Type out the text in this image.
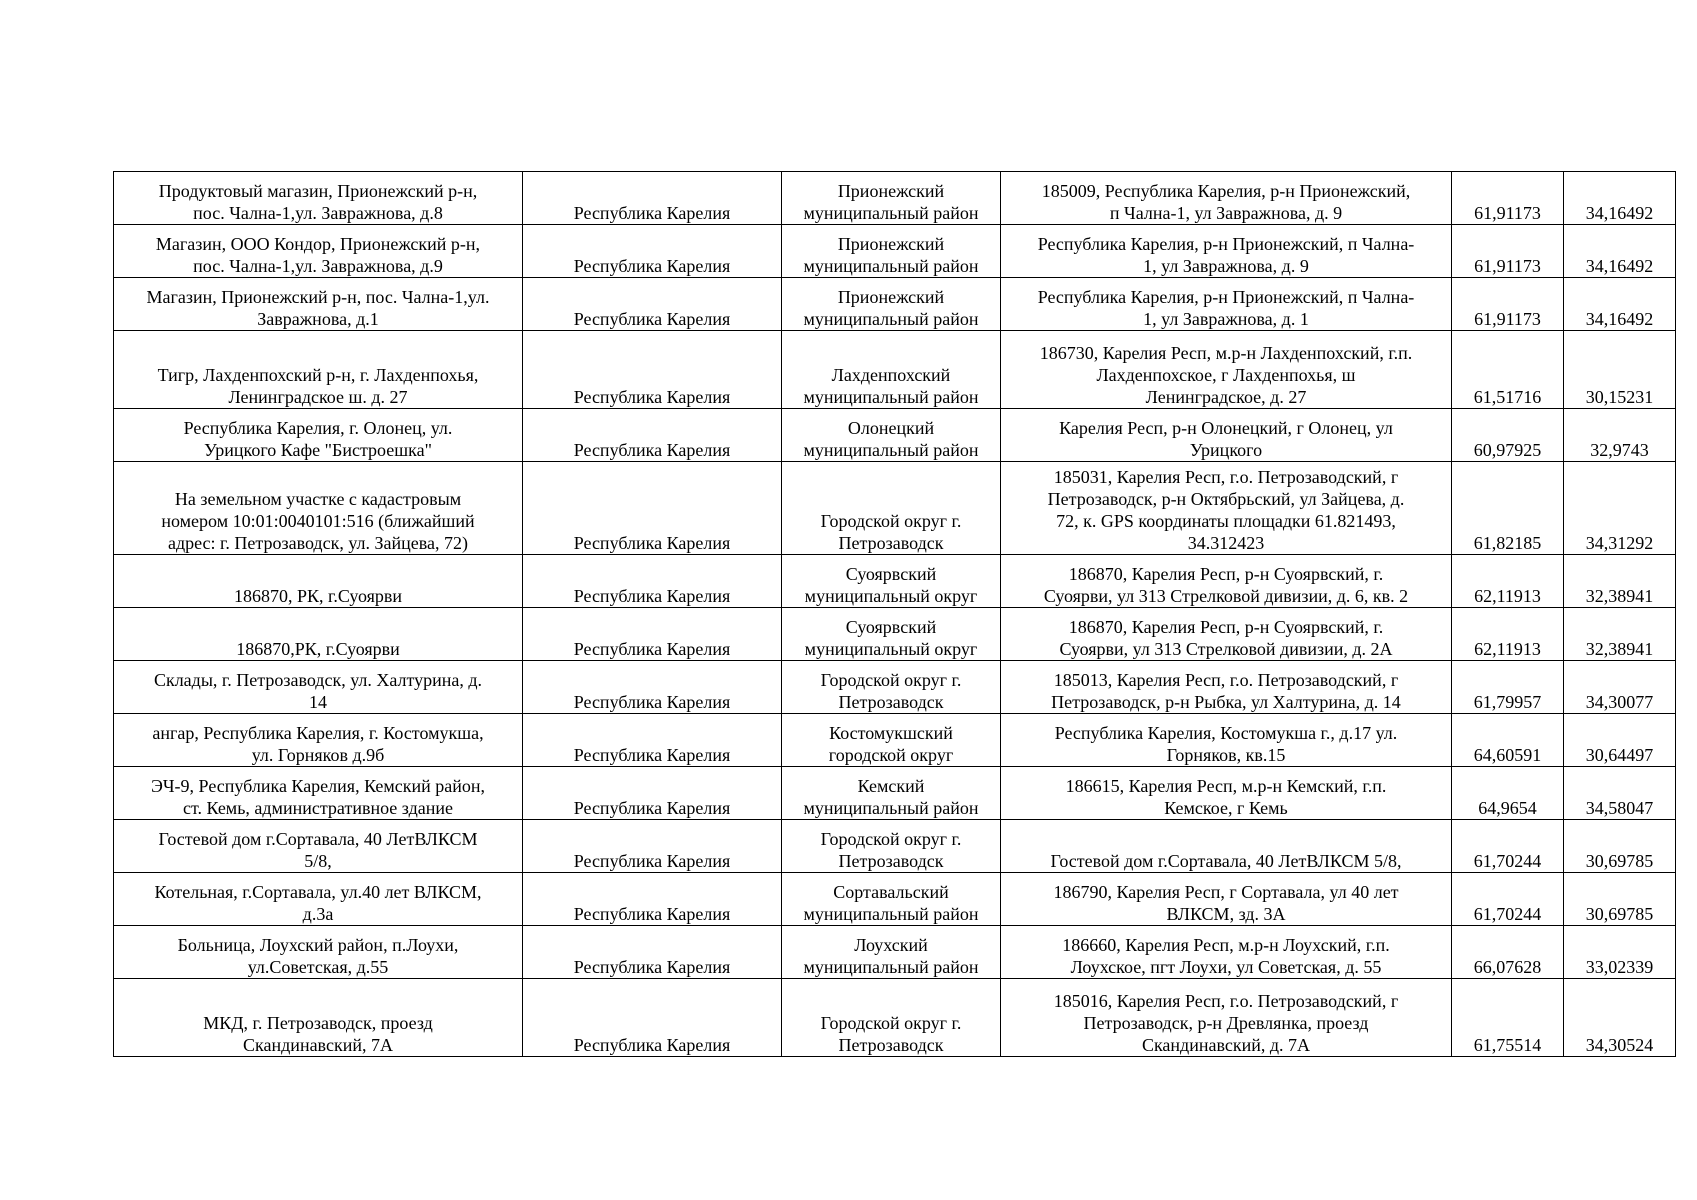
Продуктовый магазин, Прионежский р-н,
пос. Чална-1,ул. Завражнова, д.8	Республика Карелия	Прионежский
муниципальный район	185009, Республика Карелия, р-н Прионежский,
п Чална-1, ул Завражнова, д. 9	61,91173	34,16492
Магазин, ООО Кондор, Прионежский р-н,
пос. Чална-1,ул. Завражнова, д.9	Республика Карелия	Прионежский
муниципальный район	Республика Карелия, р-н Прионежский, п Чална-
1, ул Завражнова, д. 9	61,91173	34,16492
Магазин, Прионежский р-н, пос. Чална-1,ул.
Завражнова, д.1	Республика Карелия	Прионежский
муниципальный район	Республика Карелия, р-н Прионежский, п Чална-
1, ул Завражнова, д. 1	61,91173	34,16492
Тигр, Лахденпохский р-н, г. Лахденпохья,
Ленинградское ш. д. 27	Республика Карелия	Лахденпохский
муниципальный район	186730, Карелия Респ, м.р-н Лахденпохский, г.п.
Лахденпохское, г Лахденпохья, ш
Ленинградское, д. 27	61,51716	30,15231
Республика Карелия, г. Олонец, ул.
Урицкого Кафе "Бистроешка"	Республика Карелия	Олонецкий
муниципальный район	Карелия Респ, р-н Олонецкий, г Олонец, ул
Урицкого	60,97925	32,9743
На земельном участке с кадастровым
номером 10:01:0040101:516 (ближайший
адрес: г. Петрозаводск, ул. Зайцева, 72)	Республика Карелия	Городской округ г.
Петрозаводск	185031, Карелия Респ, г.о. Петрозаводский, г
Петрозаводск, р-н Октябрьский, ул Зайцева, д.
72, к. GPS координаты площадки 61.821493,
34.312423	61,82185	34,31292
186870, РК, г.Суоярви	Республика Карелия	Суоярвский
муниципальный округ	186870, Карелия Респ, р-н Суоярвский, г.
Суоярви, ул 313 Стрелковой дивизии, д. 6, кв. 2	62,11913	32,38941
186870,РК, г.Суоярви	Республика Карелия	Суоярвский
муниципальный округ	186870, Карелия Респ, р-н Суоярвский, г.
Суоярви, ул 313 Стрелковой дивизии, д. 2А	62,11913	32,38941
Склады, г. Петрозаводск, ул. Халтурина, д.
14	Республика Карелия	Городской округ г.
Петрозаводск	185013, Карелия Респ, г.о. Петрозаводский, г
Петрозаводск, р-н Рыбка, ул Халтурина, д. 14	61,79957	34,30077
ангар, Республика Карелия, г. Костомукша,
ул. Горняков д.9б	Республика Карелия	Костомукшский
городской округ	Республика Карелия, Костомукша г., д.17 ул.
Горняков, кв.15	64,60591	30,64497
ЭЧ-9, Республика Карелия, Кемский район,
ст. Кемь, административное здание	Республика Карелия	Кемский
муниципальный район	186615, Карелия Респ, м.р-н Кемский, г.п.
Кемское, г Кемь	64,9654	34,58047
Гостевой дом г.Сортавала, 40 ЛетВЛКСМ
5/8,	Республика Карелия	Городской округ г.
Петрозаводск	Гостевой дом г.Сортавала, 40 ЛетВЛКСМ 5/8,	61,70244	30,69785
Котельная, г.Сортавала, ул.40 лет ВЛКСМ,
д.3а	Республика Карелия	Сортавальский
муниципальный район	186790, Карелия Респ, г Сортавала, ул 40 лет
ВЛКСМ, зд. 3А	61,70244	30,69785
Больница, Лоухский район, п.Лоухи,
ул.Советская, д.55	Республика Карелия	Лоухский
муниципальный район	186660, Карелия Респ, м.р-н Лоухский, г.п.
Лоухское, пгт Лоухи, ул Советская, д. 55	66,07628	33,02339
МКД, г. Петрозаводск, проезд
Скандинавский, 7А	Республика Карелия	Городской округ г.
Петрозаводск	185016, Карелия Респ, г.о. Петрозаводский, г
Петрозаводск, р-н Древлянка, проезд
Скандинавский, д. 7А	61,75514	34,30524
